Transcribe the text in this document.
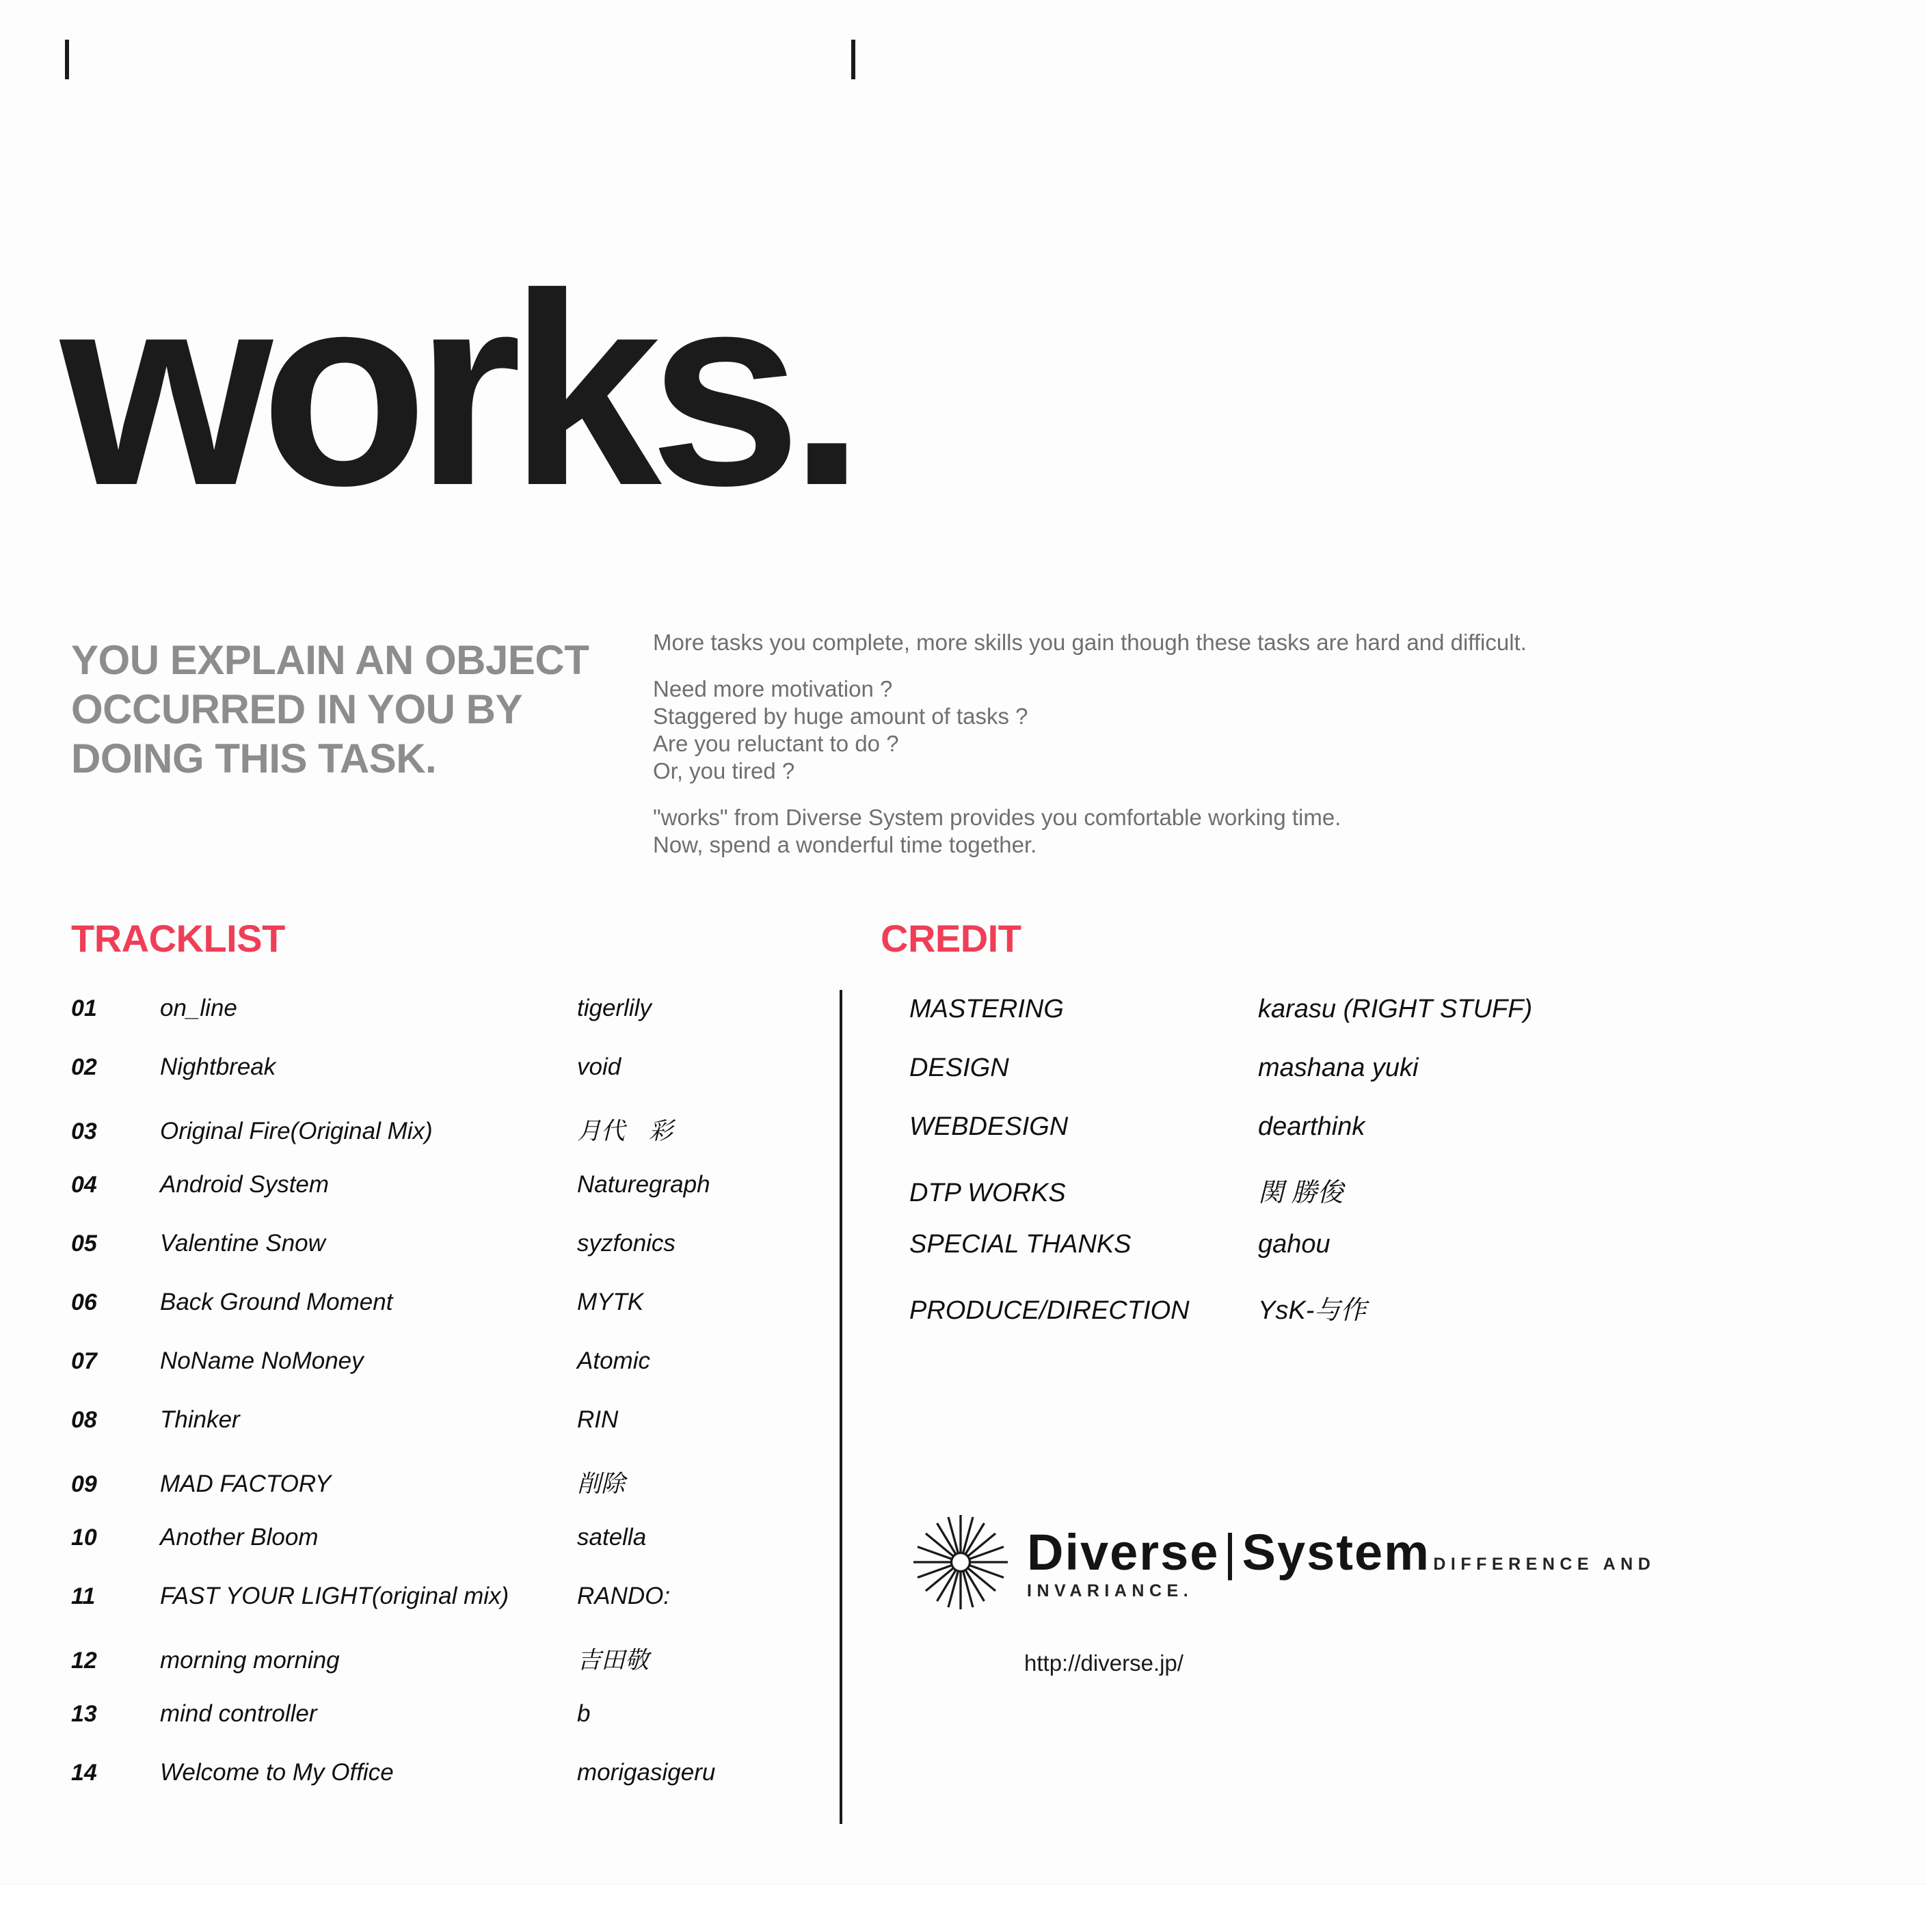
works.
YOU EXPLAIN AN OBJECT OCCURRED IN YOU BY DOING THIS TASK.

More tasks you complete, more skills you gain though these tasks are hard and difficult.

Need more motivation ?
Staggered by huge amount of tasks ?
Are you reluctant to do ?
Or, you tired ?

"works" from Diverse System provides you comfortable working time.
Now, spend a wonderful time together.

TRACKLIST	CREDIT
01	on_line	tigerlily
02	Nightbreak	void
03	Original Fire(Original Mix)	月代　彩
04	Android System	Naturegraph
05	Valentine Snow	syzfonics
06	Back Ground Moment	MYTK
07	NoName NoMoney	Atomic
08	Thinker	RIN
09	MAD FACTORY	削除
10	Another Bloom	satella
11	FAST YOUR LIGHT(original mix)	RANDO:
12	morning morning	吉田敬
13	mind controller	b
14	Welcome to My Office	morigasigeru
MASTERING	karasu (RIGHT STUFF)
DESIGN	mashana yuki
WEBDESIGN	dearthink
DTP WORKS	関 勝俊
SPECIAL THANKS	gahou
PRODUCE/DIRECTION	YsK-与作
Diverse|System DIFFERENCE AND INVARIANCE.
http://diverse.jp/
